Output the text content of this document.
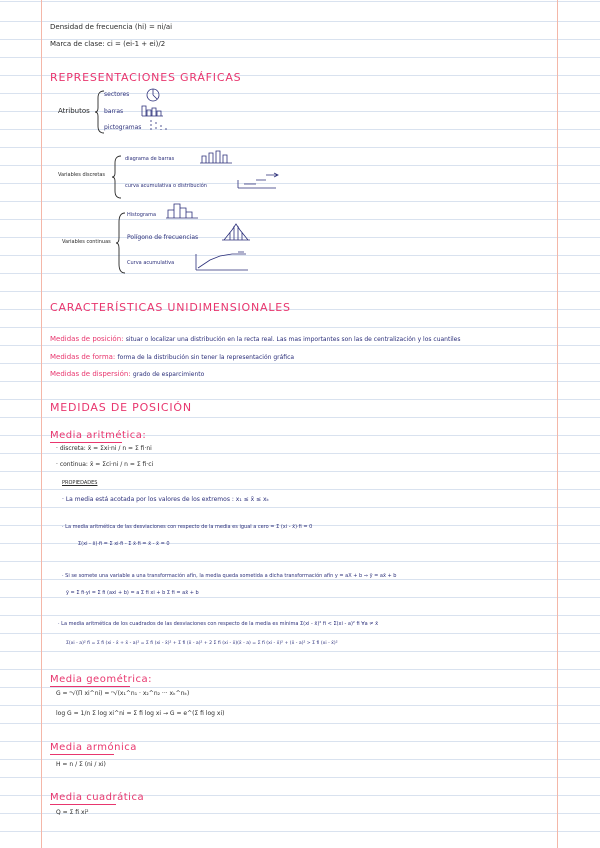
Densidad de frecuencia (hi) = ni/ai
Marca de clase: ci = (ei-1 + ei)/2
REPRESENTACIONES GRÁFICAS
Atributos
sectores
barras
pictogramas
Variables discretas
diagrama de barras
curva acumulativa o distribución
Variables continuas
Histograma
Polígono de frecuencias
Curva acumulativa
CARACTERÍSTICAS UNIDIMENSIONALES
Medidas de posición: situar o localizar una distribución en la recta real. Las mas importantes son las de centralización y los cuantiles
Medidas de forma: forma de la distribución sin tener la representación gráfica
Medidas de dispersión: grado de esparcimiento
MEDIDAS DE POSICIÓN
Media aritmética:
· discreta: x̄ = Σxi·ni / n = Σ fi·ni
· continua: x̄ = Σci·ni / n = Σ fi·ci
PROPIEDADES
· La media está acotada por los valores de los extremos : x₁ ≤ x̄ ≤ xₖ
· La media aritmética de las desviaciones con respecto de la media es igual a cero = Σ (xi - x̄)·fi = 0
Σ(xi - x̄)·fi = Σ xi·fi - Σ x̄·fi = x̄ - x̄ = 0
· Si se somete una variable a una transformación afín, la media queda sometida a dicha transformación afín y = aX + b ⇒ ȳ = ax̄ + b
ȳ = Σ fi·yi = Σ fi (axi + b) = a Σ fi xi + b Σ fi = ax̄ + b
· La media aritmética de los cuadrados de las desviaciones con respecto de la media es mínima Σ(xi - x̄)² fi < Σ(xi - a)² fi ∀a ≠ x̄
Σ(xi - a)² fi = Σ fi (xi - x̄ + x̄ - a)² = Σ fi (xi - x̄)² + Σ fi (x̄ - a)² + 2 Σ fi (xi - x̄)(x̄ - a) = Σ fi (xi - x̄)² + (x̄ - a)² > Σ fi (xi - x̄)²
Media geométrica:
G = ⁿ√(Π xi^ni) = ⁿ√(x₁^n₁ · x₂^n₂ ··· xₖ^nₖ)
log G = 1/n Σ log xi^ni = Σ fi log xi → G = e^(Σ fi log xi)
Media armónica
H = n / Σ (ni / xi)
Media cuadrática
Q = Σ fi xi²
